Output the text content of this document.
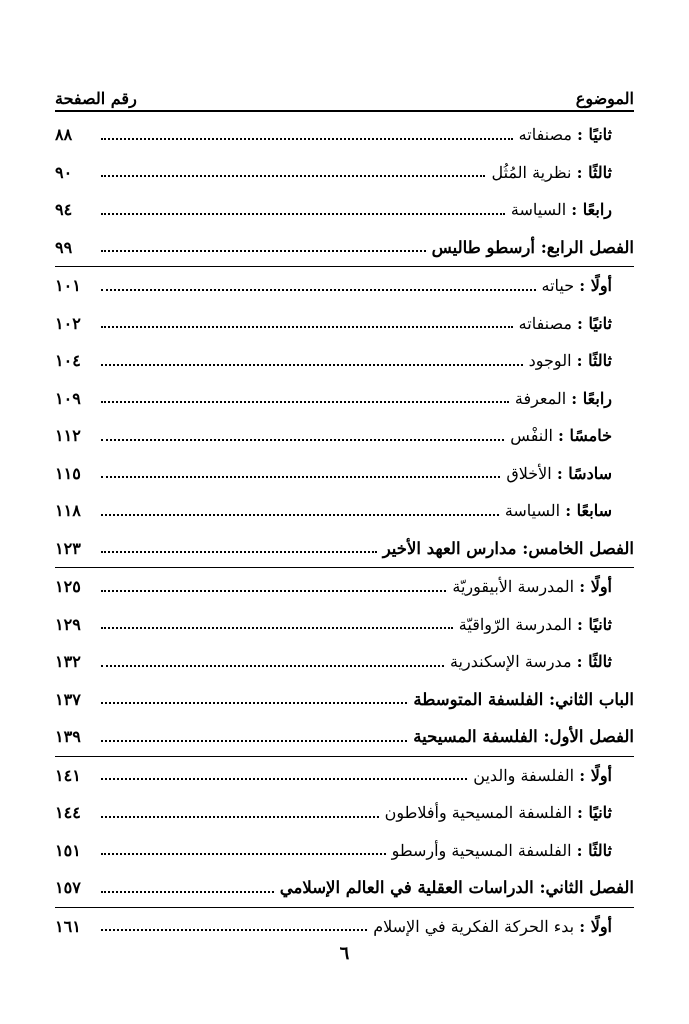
الموضوع
رقم الصفحة
ثانيًا : مصنفاته
٨٨
ثالثًا : نظرية المُثُل
٩٠
رابعًا : السياسة
٩٤
الفصل الرابع: أرسطو طاليس
٩٩
أولًا : حياته
١٠١
ثانيًا : مصنفاته
١٠٢
ثالثًا : الوجود
١٠٤
رابعًا : المعرفة
١٠٩
خامسًا : النفْس
١١٢
سادسًا : الأخلاق
١١٥
سابعًا : السياسة
١١٨
الفصل الخامس: مدارس العهد الأخير
١٢٣
أولًا : المدرسة الأبيقوريّة
١٢٥
ثانيًا : المدرسة الرّواقيّة
١٢٩
ثالثًا : مدرسة الإسكندرية
١٣٢
الباب الثاني: الفلسفة المتوسطة
١٣٧
الفصل الأول: الفلسفة المسيحية
١٣٩
أولًا : الفلسفة والدين
١٤١
ثانيًا : الفلسفة المسيحية وأفلاطون
١٤٤
ثالثًا : الفلسفة المسيحية وأرسطو
١٥١
الفصل الثاني: الدراسات العقلية في العالم الإسلامي
١٥٧
أولًا : بدء الحركة الفكرية في الإسلام
١٦١
٦
